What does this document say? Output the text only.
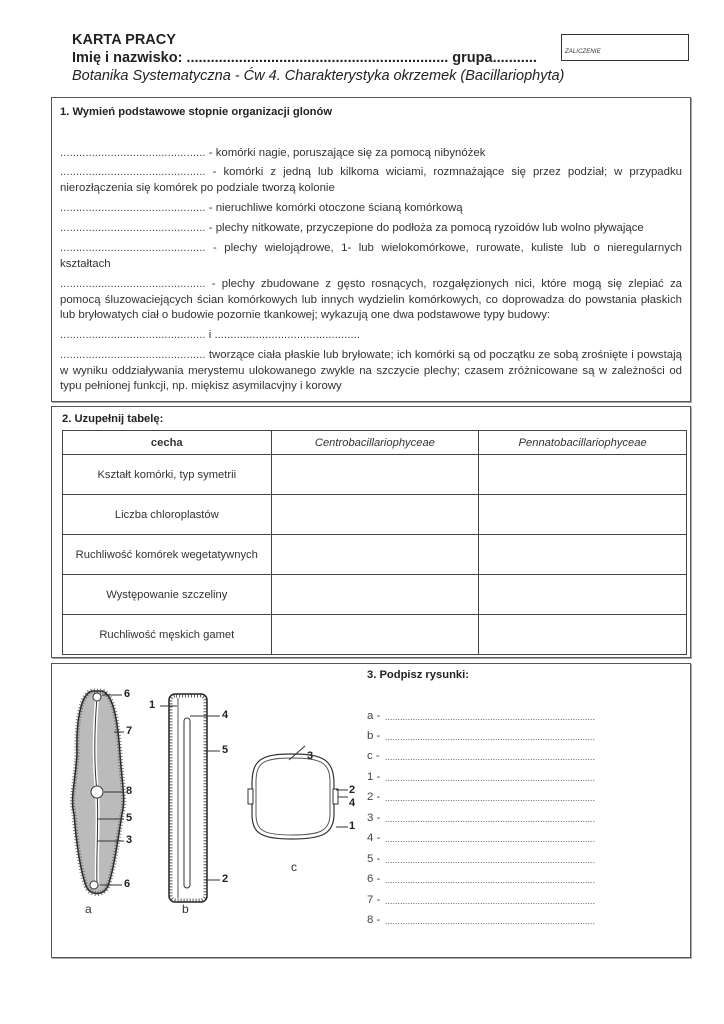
KARTA PRACY
Imię i nazwisko: ................................................................. grupa...........
Botanika Systematyczna - Ćw 4. Charakterystyka okrzemek (Bacillariophyta)
ZALICZENIE
1. Wymień podstawowe stopnie organizacji glonów
.............................................. - komórki nagie, poruszające się za pomocą nibynóżek
.............................................. - komórki z jedną lub kilkoma wiciami, rozmnażające się przez podział; w przypadku nierozłączenia się komórek po podziale tworzą kolonie
.............................................. - nieruchliwe komórki otoczone ścianą komórkową
.............................................. - plechy nitkowate, przyczepione do podłoża za pomocą ryzoidów lub wolno pływające
.............................................. - plechy wielojądrowe, 1- lub wielokomórkowe, rurowate, kuliste lub o nieregularnych kształtach
.............................................. - plechy zbudowane z gęsto rosnących, rozgałęzionych nici, które mogą się zlepiać za pomocą śluzowaciejących ścian komórkowych lub innych wydzielin komórkowych, co doprowadza do powstania płaskich lub bryłowatych ciał o budowie pozornie tkankowej; wykazują one dwa podstawowe typy budowy:
.............................................. i ..............................................
.............................................. tworzące ciała płaskie lub bryłowate; ich komórki są od początku ze sobą zrośnięte i powstają w wyniku oddziaływania merystemu ulokowanego zwykle na szczycie plechy; czasem zróżnicowane są w zależności od typu pełnionej funkcji, np. miękisz asymilacvjny i korowy
2. Uzupełnij tabelę:
cecha	Centrobacillariophyceae	Pennatobacillariophyceae
Kształt komórki, typ symetrii		
Liczba chloroplastów		
Ruchliwość komórek wegetatywnych		
Występowanie szczeliny		
Ruchliwość męskich gamet		
6
7
8
5
3
6
1
4
5
2
3
2
4
1
a	b
c
3. Podpisz rysunki:
a - ....................................................................................
b - ....................................................................................
c - ....................................................................................
1 - ....................................................................................
2 - ....................................................................................
3 - ....................................................................................
4 - ....................................................................................
5 - ....................................................................................
6 - ....................................................................................
7 - ....................................................................................
8 - ....................................................................................
